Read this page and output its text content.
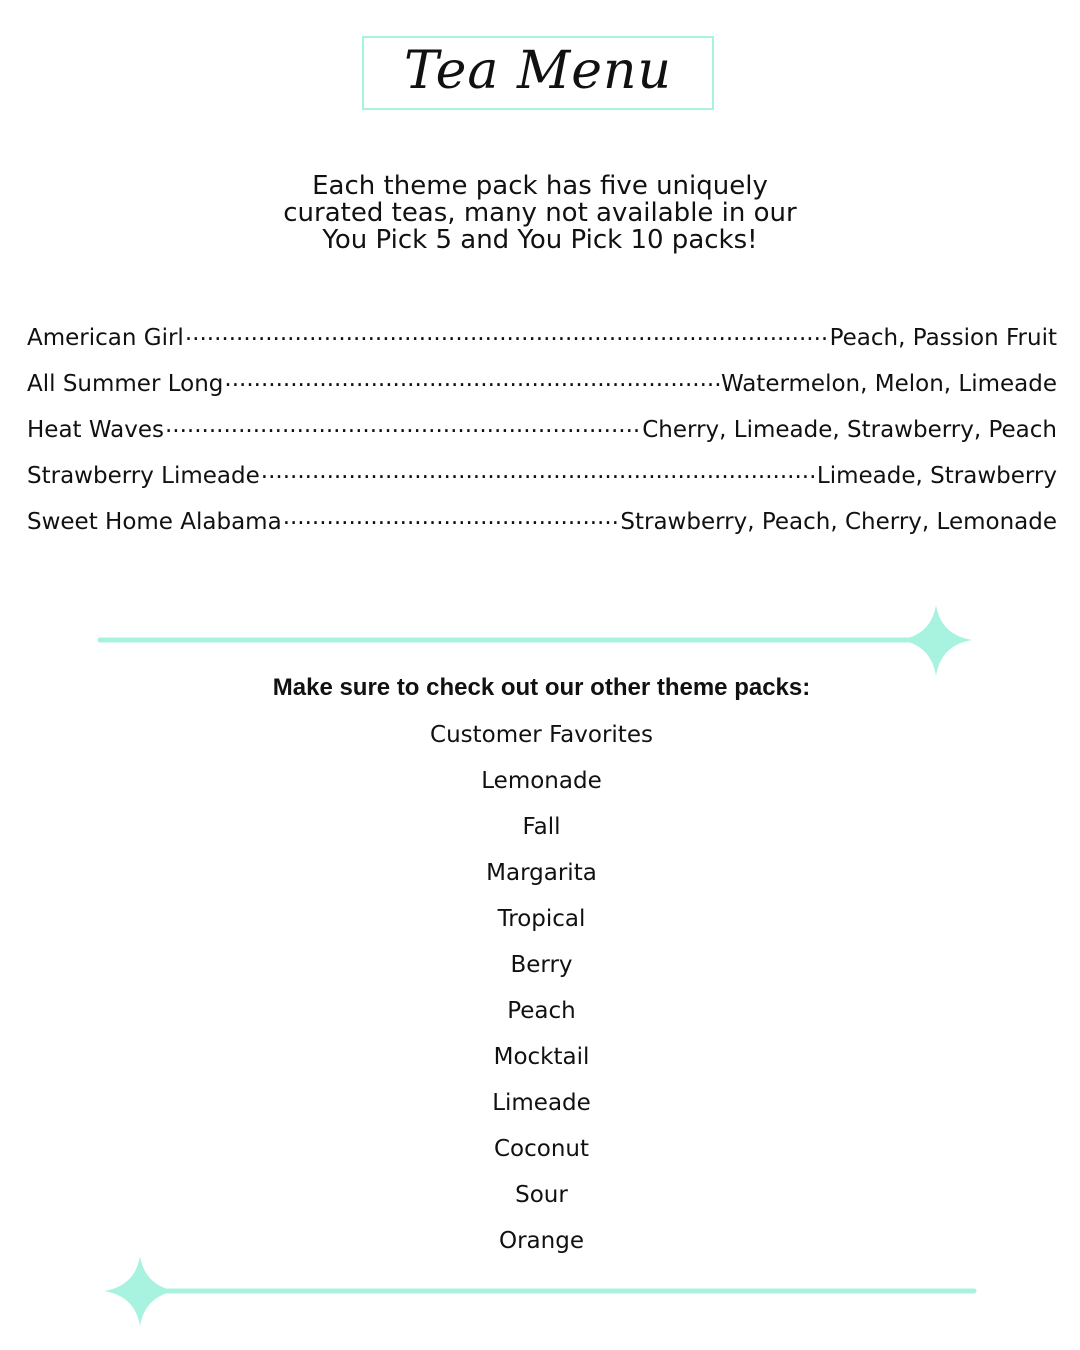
Tea Menu
Each theme pack has five uniquely
curated teas, many not available in our
You Pick 5 and You Pick 10 packs!
American Girl .....	Peach, Passion Fruit
All Summer Long .....	Watermelon, Melon, Limeade
Heat Waves .....	Cherry, Limeade, Strawberry, Peach
Strawberry Limeade .....	Limeade, Strawberry
Sweet Home Alabama .....	Strawberry, Peach, Cherry, Lemonade
Make sure to check out our other theme packs:
Customer Favorites
Lemonade
Fall
Margarita
Tropical
Berry
Peach
Mocktail
Limeade
Coconut
Sour
Orange
